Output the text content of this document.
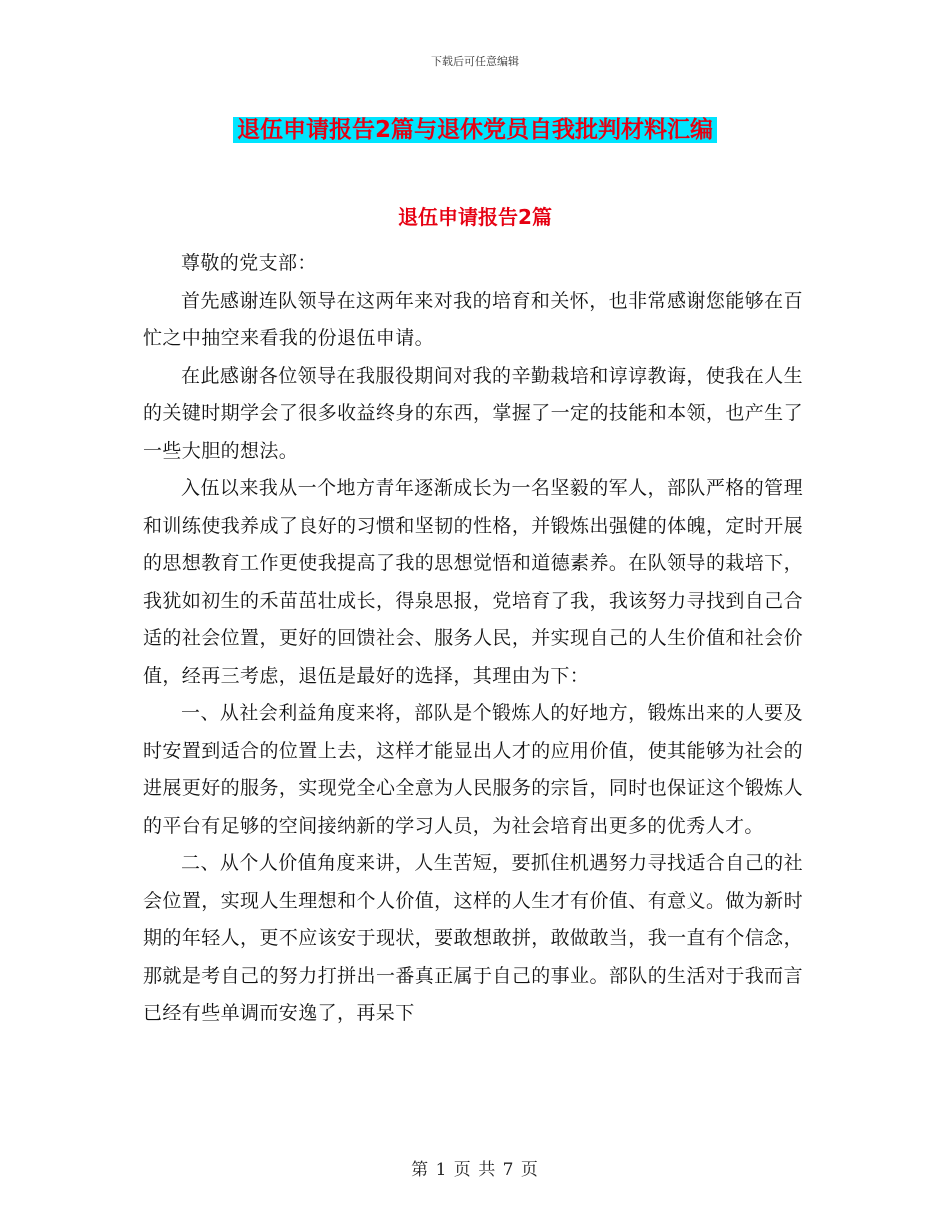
下载后可任意编辑
退伍申请报告2篇与退休党员自我批判材料汇编
退伍申请报告2篇

尊敬的党支部：

首先感谢连队领导在这两年来对我的培育和关怀，也非常感谢您能够在百忙之中抽空来看我的份退伍申请。

在此感谢各位领导在我服役期间对我的辛勤栽培和谆谆教诲，使我在人生的关键时期学会了很多收益终身的东西，掌握了一定的技能和本领，也产生了一些大胆的想法。

入伍以来我从一个地方青年逐渐成长为一名坚毅的军人，部队严格的管理和训练使我养成了良好的习惯和坚韧的性格，并锻炼出强健的体魄，定时开展的思想教育工作更使我提高了我的思想觉悟和道德素养。在队领导的栽培下，我犹如初生的禾苗茁壮成长，得泉思报，党培育了我，我该努力寻找到自己合适的社会位置，更好的回馈社会、服务人民，并实现自己的人生价值和社会价值，经再三考虑，退伍是最好的选择，其理由为下：

一、从社会利益角度来将，部队是个锻炼人的好地方，锻炼出来的人要及时安置到适合的位置上去，这样才能显出人才的应用价值，使其能够为社会的进展更好的服务，实现党全心全意为人民服务的宗旨，同时也保证这个锻炼人的平台有足够的空间接纳新的学习人员，为社会培育出更多的优秀人才。

二、从个人价值角度来讲，人生苦短，要抓住机遇努力寻找适合自己的社会位置，实现人生理想和个人价值，这样的人生才有价值、有意义。做为新时期的年轻人，更不应该安于现状，要敢想敢拼，敢做敢当，我一直有个信念，那就是考自己的努力打拼出一番真正属于自己的事业。部队的生活对于我而言已经有些单调而安逸了，再呆下

第 1 页 共 7 页
